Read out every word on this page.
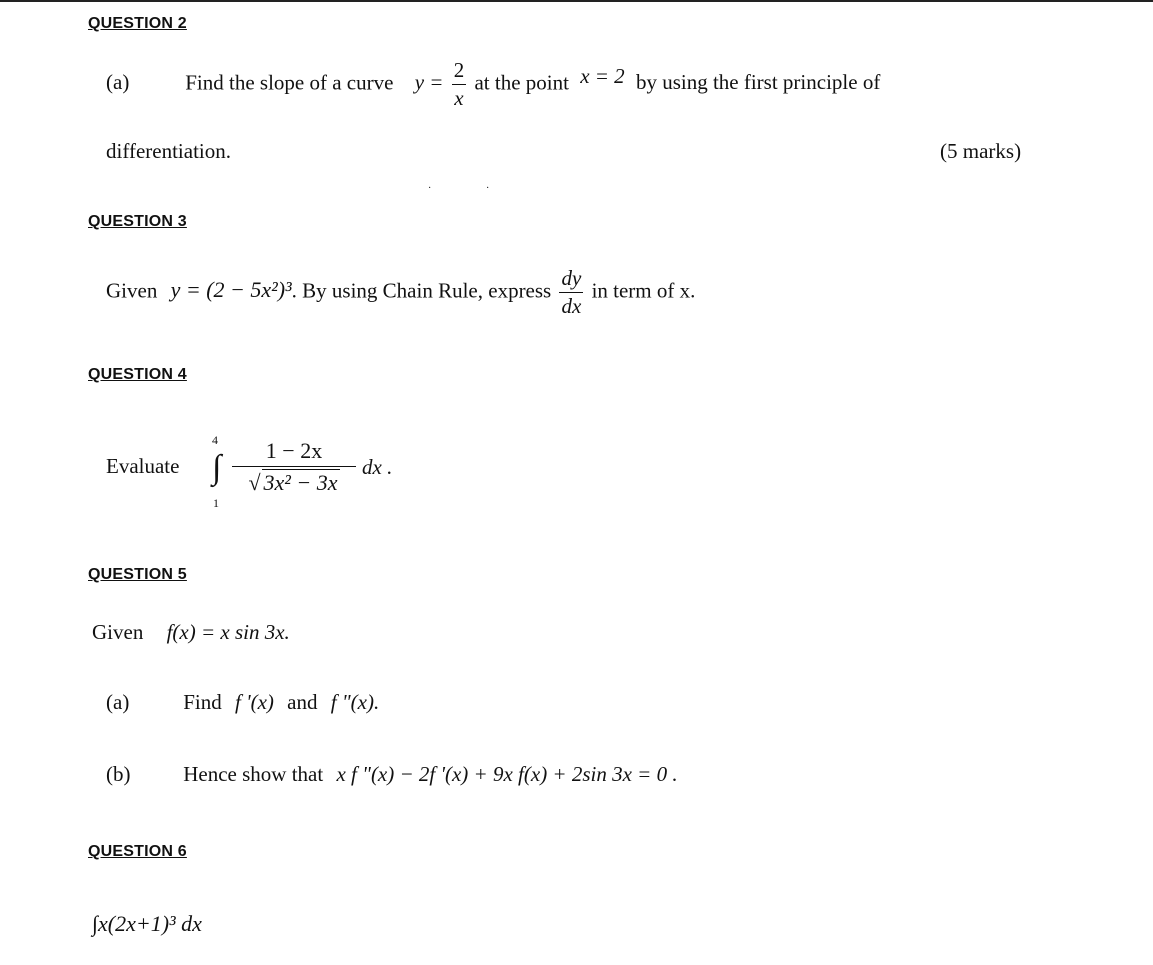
QUESTION 2
(a)	Find the slope of a curve $y = \frac{2}{x}$ at the point x = 2 by using the first principle of
differentiation.	(5 marks)
·	·
QUESTION 3
Given y = (2 − 5x²)³. By using Chain Rule, express $\frac{dy}{dx}$ in term of x.
QUESTION 4
Evaluate
4
∫
1
$\frac{1 - 2x}{\text{√ 3x² − 3x}}$ dx .
QUESTION 5
Given f(x) = x sin 3x.
(a)	Find f '(x) and f "(x).
(b)	Hence show that x f "(x) − 2f '(x) + 9x f(x) + 2sin 3x = 0 .
QUESTION 6
∫x(2x+1)³ dx
